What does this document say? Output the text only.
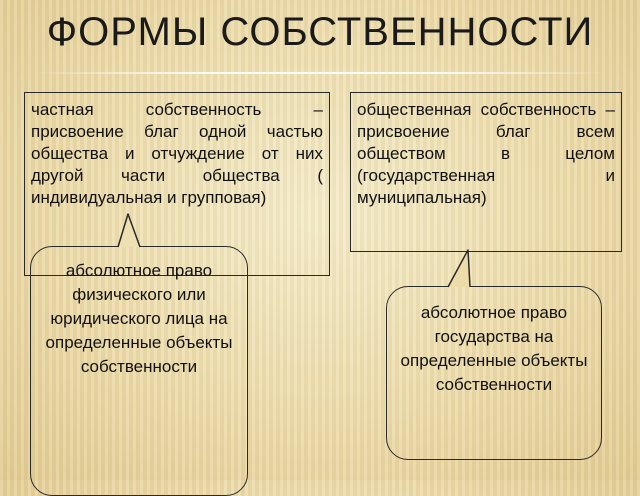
ФОРМЫ СОБСТВЕННОСТИ
частная собственность – присвоение благ одной частью общества и отчуждение от них другой части общества ( индивидуальная и групповая)
общественная собственность – присвоение благ всем обществом в целом (государственная и муниципальная)
абсолютное право физического или юридического лица на определенные объекты собственности
абсолютное право государства на определенные объекты собственности
